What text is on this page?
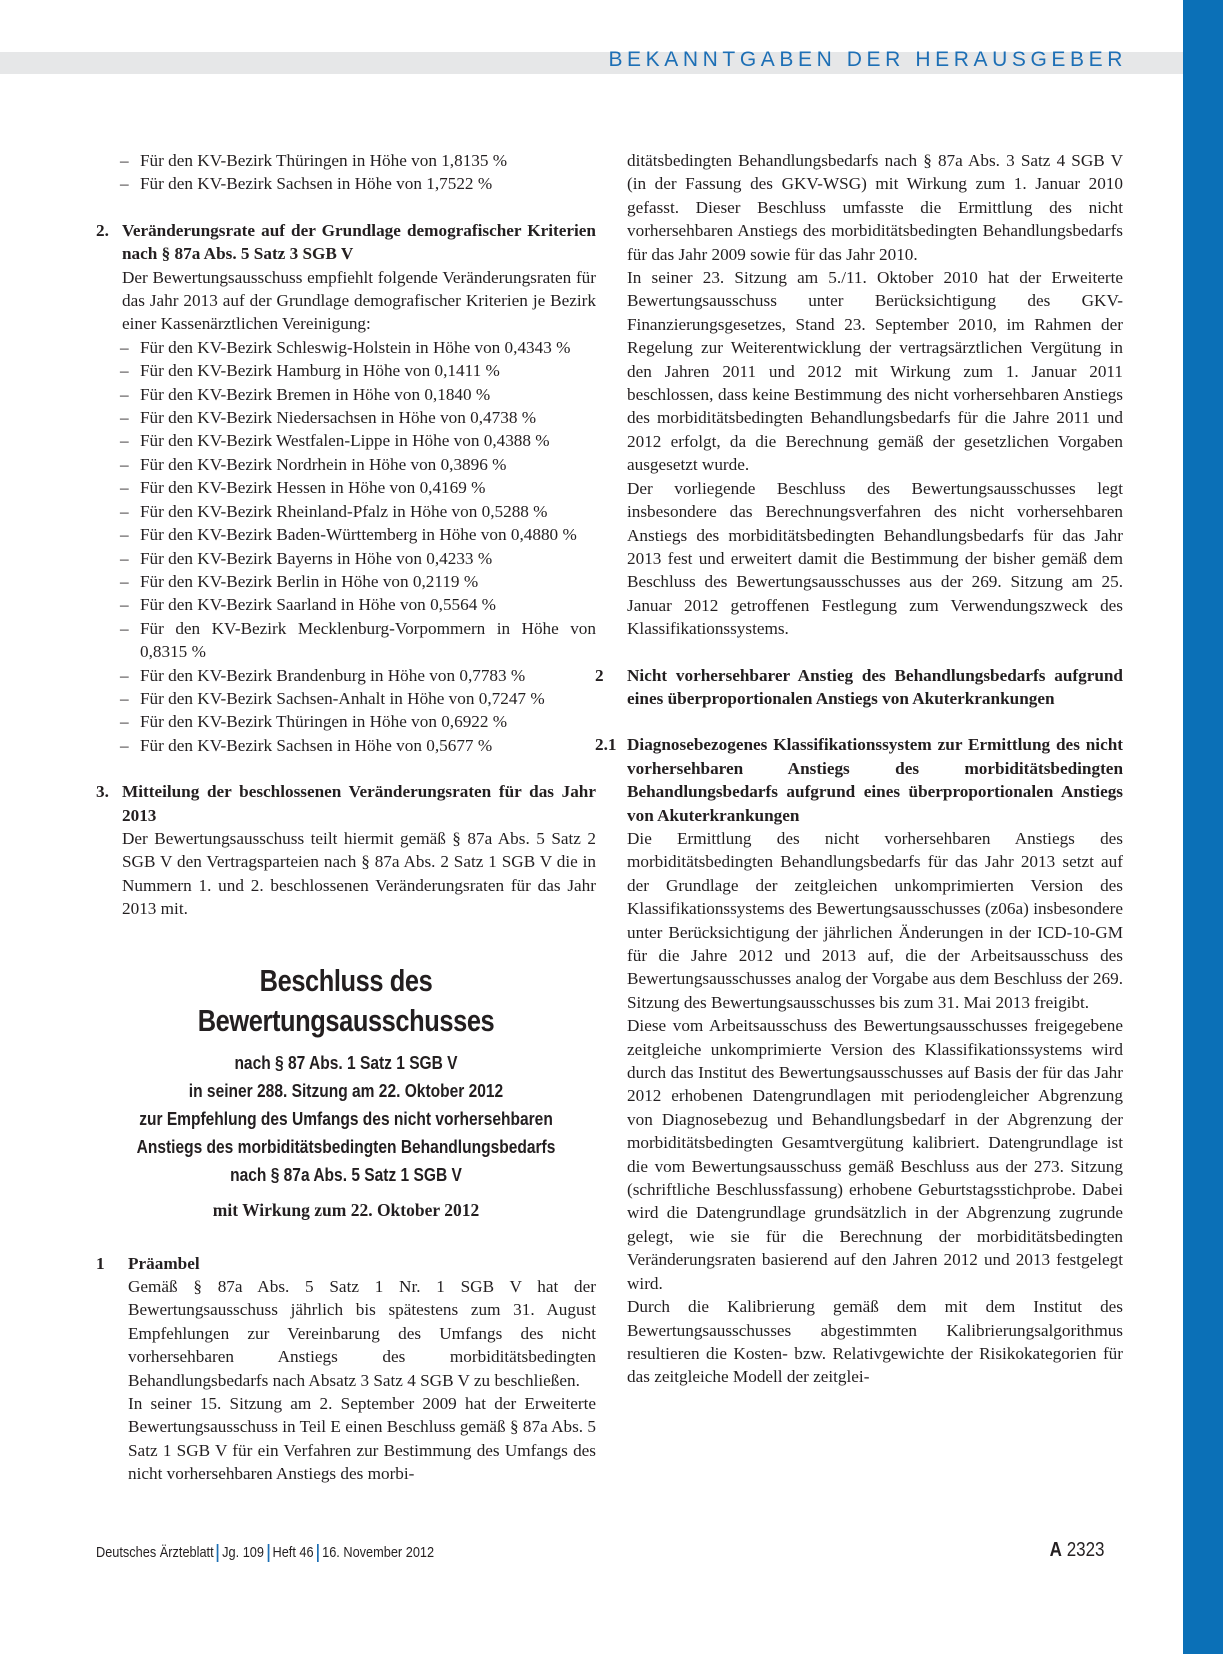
BEKANNTGABEN DER HERAUSGEBER
– Für den KV-Bezirk Thüringen in Höhe von 1,8135 %
– Für den KV-Bezirk Sachsen in Höhe von 1,7522 %
2. Veränderungsrate auf der Grundlage demografischer Kriterien nach § 87a Abs. 5 Satz 3 SGB V

Der Bewertungsausschuss empfiehlt folgende Veränderungsraten für das Jahr 2013 auf der Grundlage demografischer Kriterien je Bezirk einer Kassenärztlichen Vereinigung:

– Für den KV-Bezirk Schleswig-Holstein in Höhe von 0,4343 %
– Für den KV-Bezirk Hamburg in Höhe von 0,1411 %
– Für den KV-Bezirk Bremen in Höhe von 0,1840 %
– Für den KV-Bezirk Niedersachsen in Höhe von 0,4738 %
– Für den KV-Bezirk Westfalen-Lippe in Höhe von 0,4388 %
– Für den KV-Bezirk Nordrhein in Höhe von 0,3896 %
– Für den KV-Bezirk Hessen in Höhe von 0,4169 %
– Für den KV-Bezirk Rheinland-Pfalz in Höhe von 0,5288 %
– Für den KV-Bezirk Baden-Württemberg in Höhe von 0,4880 %
– Für den KV-Bezirk Bayerns in Höhe von 0,4233 %
– Für den KV-Bezirk Berlin in Höhe von 0,2119 %
– Für den KV-Bezirk Saarland in Höhe von 0,5564 %
– Für den KV-Bezirk Mecklenburg-Vorpommern in Höhe von 0,8315 %
– Für den KV-Bezirk Brandenburg in Höhe von 0,7783 %
– Für den KV-Bezirk Sachsen-Anhalt in Höhe von 0,7247 %
– Für den KV-Bezirk Thüringen in Höhe von 0,6922 %
– Für den KV-Bezirk Sachsen in Höhe von 0,5677 %
3. Mitteilung der beschlossenen Veränderungsraten für das Jahr 2013

Der Bewertungsausschuss teilt hiermit gemäß § 87a Abs. 5 Satz 2 SGB V den Vertragsparteien nach § 87a Abs. 2 Satz 1 SGB V die in Nummern 1. und 2. beschlossenen Veränderungsraten für das Jahr 2013 mit.

Beschluss des
Bewertungsausschusses
nach § 87 Abs. 1 Satz 1 SGB V
in seiner 288. Sitzung am 22. Oktober 2012
zur Empfehlung des Umfangs des nicht vorhersehbaren
Anstiegs des morbiditätsbedingten Behandlungsbedarfs
nach § 87a Abs. 5 Satz 1 SGB V
mit Wirkung zum 22. Oktober 2012
1 Präambel

Gemäß § 87a Abs. 5 Satz 1 Nr. 1 SGB V hat der Bewertungsausschuss jährlich bis spätestens zum 31. August Empfehlungen zur Vereinbarung des Umfangs des nicht vorhersehbaren Anstiegs des morbiditätsbedingten Behandlungsbedarfs nach Absatz 3 Satz 4 SGB V zu beschließen.

In seiner 15. Sitzung am 2. September 2009 hat der Erweiterte Bewertungsausschuss in Teil E einen Beschluss gemäß § 87a Abs. 5 Satz 1 SGB V für ein Verfahren zur Bestimmung des Umfangs des nicht vorhersehbaren Anstiegs des morbi-

ditätsbedingten Behandlungsbedarfs nach § 87a Abs. 3 Satz 4 SGB V (in der Fassung des GKV-WSG) mit Wirkung zum 1. Januar 2010 gefasst. Dieser Beschluss umfasste die Ermittlung des nicht vorhersehbaren Anstiegs des morbiditätsbedingten Behandlungsbedarfs für das Jahr 2009 sowie für das Jahr 2010.

In seiner 23. Sitzung am 5./11. Oktober 2010 hat der Erweiterte Bewertungsausschuss unter Berücksichtigung des GKV-Finanzierungsgesetzes, Stand 23. September 2010, im Rahmen der Regelung zur Weiterentwicklung der vertragsärztlichen Vergütung in den Jahren 2011 und 2012 mit Wirkung zum 1. Januar 2011 beschlossen, dass keine Bestimmung des nicht vorhersehbaren Anstiegs des morbiditätsbedingten Behandlungsbedarfs für die Jahre 2011 und 2012 erfolgt, da die Berechnung gemäß der gesetzlichen Vorgaben ausgesetzt wurde.

Der vorliegende Beschluss des Bewertungsausschusses legt insbesondere das Berechnungsverfahren des nicht vorhersehbaren Anstiegs des morbiditätsbedingten Behandlungsbedarfs für das Jahr 2013 fest und erweitert damit die Bestimmung der bisher gemäß dem Beschluss des Bewertungsausschusses aus der 269. Sitzung am 25. Januar 2012 getroffenen Festlegung zum Verwendungszweck des Klassifikationssystems.

2 Nicht vorhersehbarer Anstieg des Behandlungsbedarfs aufgrund eines überproportionalen Anstiegs von Akuterkrankungen

2.1 Diagnosebezogenes Klassifikationssystem zur Ermittlung des nicht vorhersehbaren Anstiegs des morbiditätsbedingten Behandlungsbedarfs aufgrund eines überproportionalen Anstiegs von Akuterkrankungen

Die Ermittlung des nicht vorhersehbaren Anstiegs des morbiditätsbedingten Behandlungsbedarfs für das Jahr 2013 setzt auf der Grundlage der zeitgleichen unkomprimierten Version des Klassifikationssystems des Bewertungsausschusses (z06a) insbesondere unter Berücksichtigung der jährlichen Änderungen in der ICD-10-GM für die Jahre 2012 und 2013 auf, die der Arbeitsausschuss des Bewertungsausschusses analog der Vorgabe aus dem Beschluss der 269. Sitzung des Bewertungsausschusses bis zum 31. Mai 2013 freigibt.

Diese vom Arbeitsausschuss des Bewertungsausschusses freigegebene zeitgleiche unkomprimierte Version des Klassifikationssystems wird durch das Institut des Bewertungsausschusses auf Basis der für das Jahr 2012 erhobenen Datengrundlagen mit periodengleicher Abgrenzung von Diagnosebezug und Behandlungsbedarf in der Abgrenzung der morbiditätsbedingten Gesamtvergütung kalibriert. Datengrundlage ist die vom Bewertungsausschuss gemäß Beschluss aus der 273. Sitzung (schriftliche Beschlussfassung) erhobene Geburtstagsstichprobe. Dabei wird die Datengrundlage grundsätzlich in der Abgrenzung zugrunde gelegt, wie sie für die Berechnung der morbiditätsbedingten Veränderungsraten basierend auf den Jahren 2012 und 2013 festgelegt wird.

Durch die Kalibrierung gemäß dem mit dem Institut des Bewertungsausschusses abgestimmten Kalibrierungsalgorithmus resultieren die Kosten- bzw. Relativgewichte der Risikokategorien für das zeitgleiche Modell der zeitglei-

Deutsches Ärzteblatt Jg. 109 Heft 46 16. November 2012	A 2323
